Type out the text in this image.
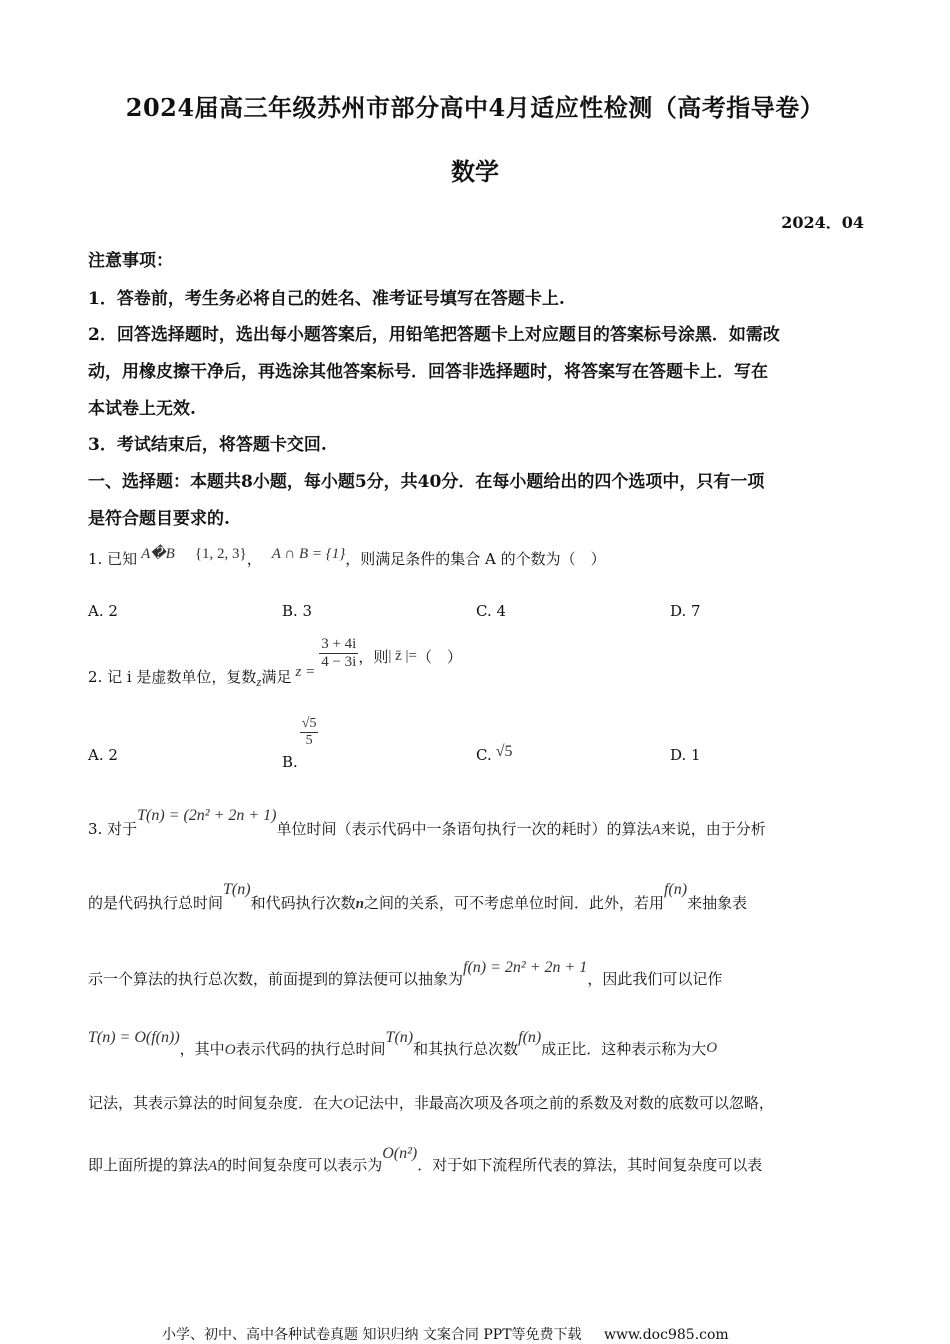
2024届高三年级苏州市部分高中4月适应性检测（高考指导卷）
数学
2024．04
注意事项：
1．答卷前，考生务必将自己的姓名、准考证号填写在答题卡上.
2．回答选择题时，选出每小题答案后，用铅笔把答题卡上对应题目的答案标号涂黑．如需改
动，用橡皮擦干净后，再选涂其他答案标号．回答非选择题时，将答案写在答题卡上．写在
本试卷上无效.
3．考试结束后，将答题卡交回.
一、选择题：本题共8小题，每小题5分，共40分．在每小题给出的四个选项中，只有一项
是符合题目要求的.
1. 已知 A�B {1, 2, 3}， A ∩ B = {1}，则满足条件的集合 A 的个数为（　）
A. 2	B. 3	C. 4	D. 7
2. 记 i 是虚数单位，复数z满足 z =
$\frac{3 + 4i}{4 - 3i}$ ，则| z̄ |=（　）
A. 2	B.
$\frac{√5}{5}$
C. √5	D. 1
3. 对于T(n) = (2n² + 2n + 1)单位时间（表示代码中一条语句执行一次的耗时）的算法A来说，由于分析
的是代码执行总时间T(n)和代码执行次数n之间的关系，可不考虑单位时间．此外，若用f(n)来抽象表
示一个算法的执行总次数，前面提到的算法便可以抽象为f(n) = 2n² + 2n + 1，因此我们可以记作
T(n) = O(f(n))，其中O表示代码的执行总时间T(n)和其执行总次数f(n)成正比．这种表示称为大O
记法，其表示算法的时间复杂度．在大O记法中，非最高次项及各项之前的系数及对数的底数可以忽略，
即上面所提的算法A的时间复杂度可以表示为O(n²)．对于如下流程所代表的算法，其时间复杂度可以表
小学、初中、高中各种试卷真题 知识归纳 文案合同 PPT等免费下载 www.doc985.com
